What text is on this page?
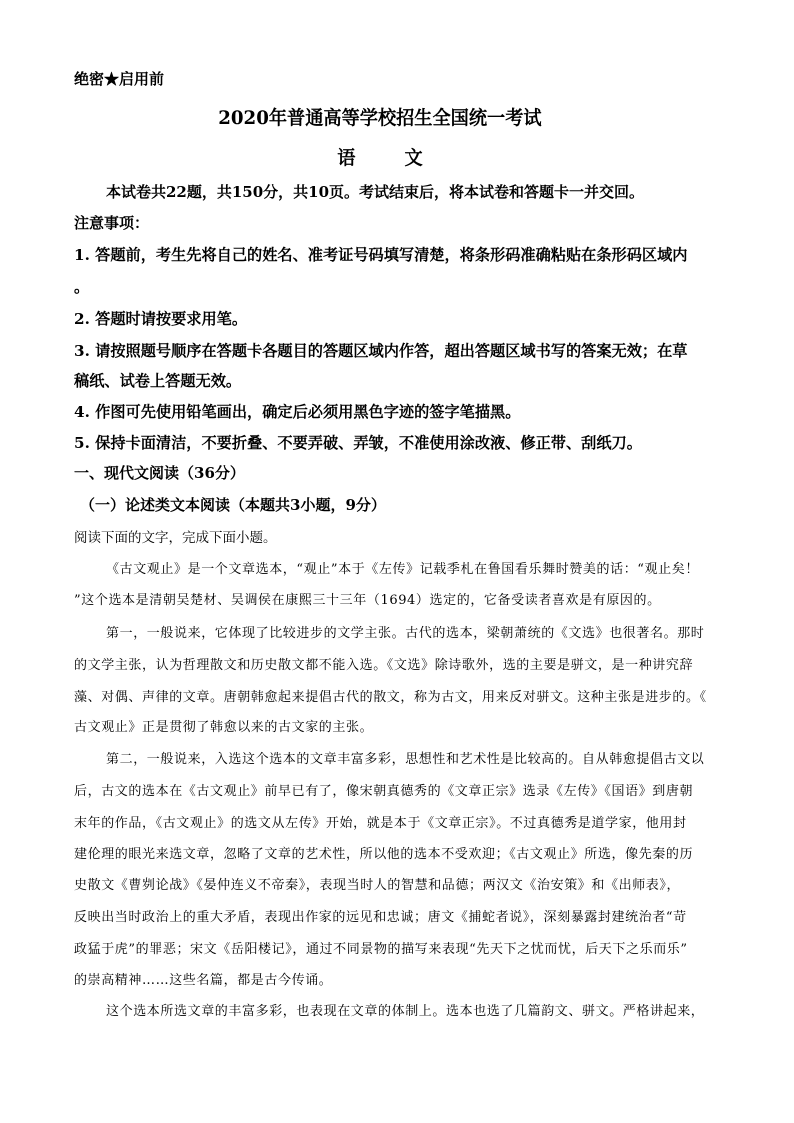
绝密★启用前
2020年普通高等学校招生全国统一考试
语	文
本试卷共22题，共150分，共10页。考试结束后，将本试卷和答题卡一并交回。
注意事项：
1. 答题前，考生先将自己的姓名、准考证号码填写清楚，将条形码准确粘贴在条形码区域内
。
2. 答题时请按要求用笔。
3. 请按照题号顺序在答题卡各题目的答题区域内作答，超出答题区域书写的答案无效；在草
稿纸、试卷上答题无效。
4. 作图可先使用铅笔画出，确定后必须用黑色字迹的签字笔描黑。
5. 保持卡面清洁，不要折叠、不要弄破、弄皱，不准使用涂改液、修正带、刮纸刀。
一、现代文阅读（36分）
（一）论述类文本阅读（本题共3小题，9分）
阅读下面的文字，完成下面小题。
《古文观止》是一个文章选本，“观止”本于《左传》记载季札在鲁国看乐舞时赞美的话：“观止矣！
”这个选本是清朝吴楚材、吴调侯在康熙三十三年（1694）选定的，它备受读者喜欢是有原因的。
第一，一般说来，它体现了比较进步的文学主张。古代的选本，梁朝萧统的《文选》也很著名。那时
的文学主张，认为哲理散文和历史散文都不能入选。《文选》除诗歌外，选的主要是骈文，是一种讲究辞
藻、对偶、声律的文章。唐朝韩愈起来提倡古代的散文，称为古文，用来反对骈文。这种主张是进步的。《
古文观止》正是贯彻了韩愈以来的古文家的主张。
第二，一般说来，入选这个选本的文章丰富多彩，思想性和艺术性是比较高的。自从韩愈提倡古文以
后，古文的选本在《古文观止》前早已有了，像宋朝真德秀的《文章正宗》选录《左传》《国语》到唐朝
末年的作品，《古文观止》的选文从左传》开始，就是本于《文章正宗》。不过真德秀是道学家，他用封
建伦理的眼光来选文章，忽略了文章的艺术性，所以他的选本不受欢迎；《古文观止》所选，像先秦的历
史散文《曹刿论战》《晏仲连义不帝秦》，表现当时人的智慧和品德；两汉文《治安策》和《出师表》，
反映出当时政治上的重大矛盾，表现出作家的远见和忠诚；唐文《捕蛇者说》，深刻暴露封建统治者“苛
政猛于虎”的罪恶；宋文《岳阳楼记》，通过不同景物的描写来表现“先天下之忧而忧，后天下之乐而乐”
的崇高精神……这些名篇，都是古今传诵。
这个选本所选文章的丰富多彩，也表现在文章的体制上。选本也选了几篇韵文、骈文。严格讲起来，
